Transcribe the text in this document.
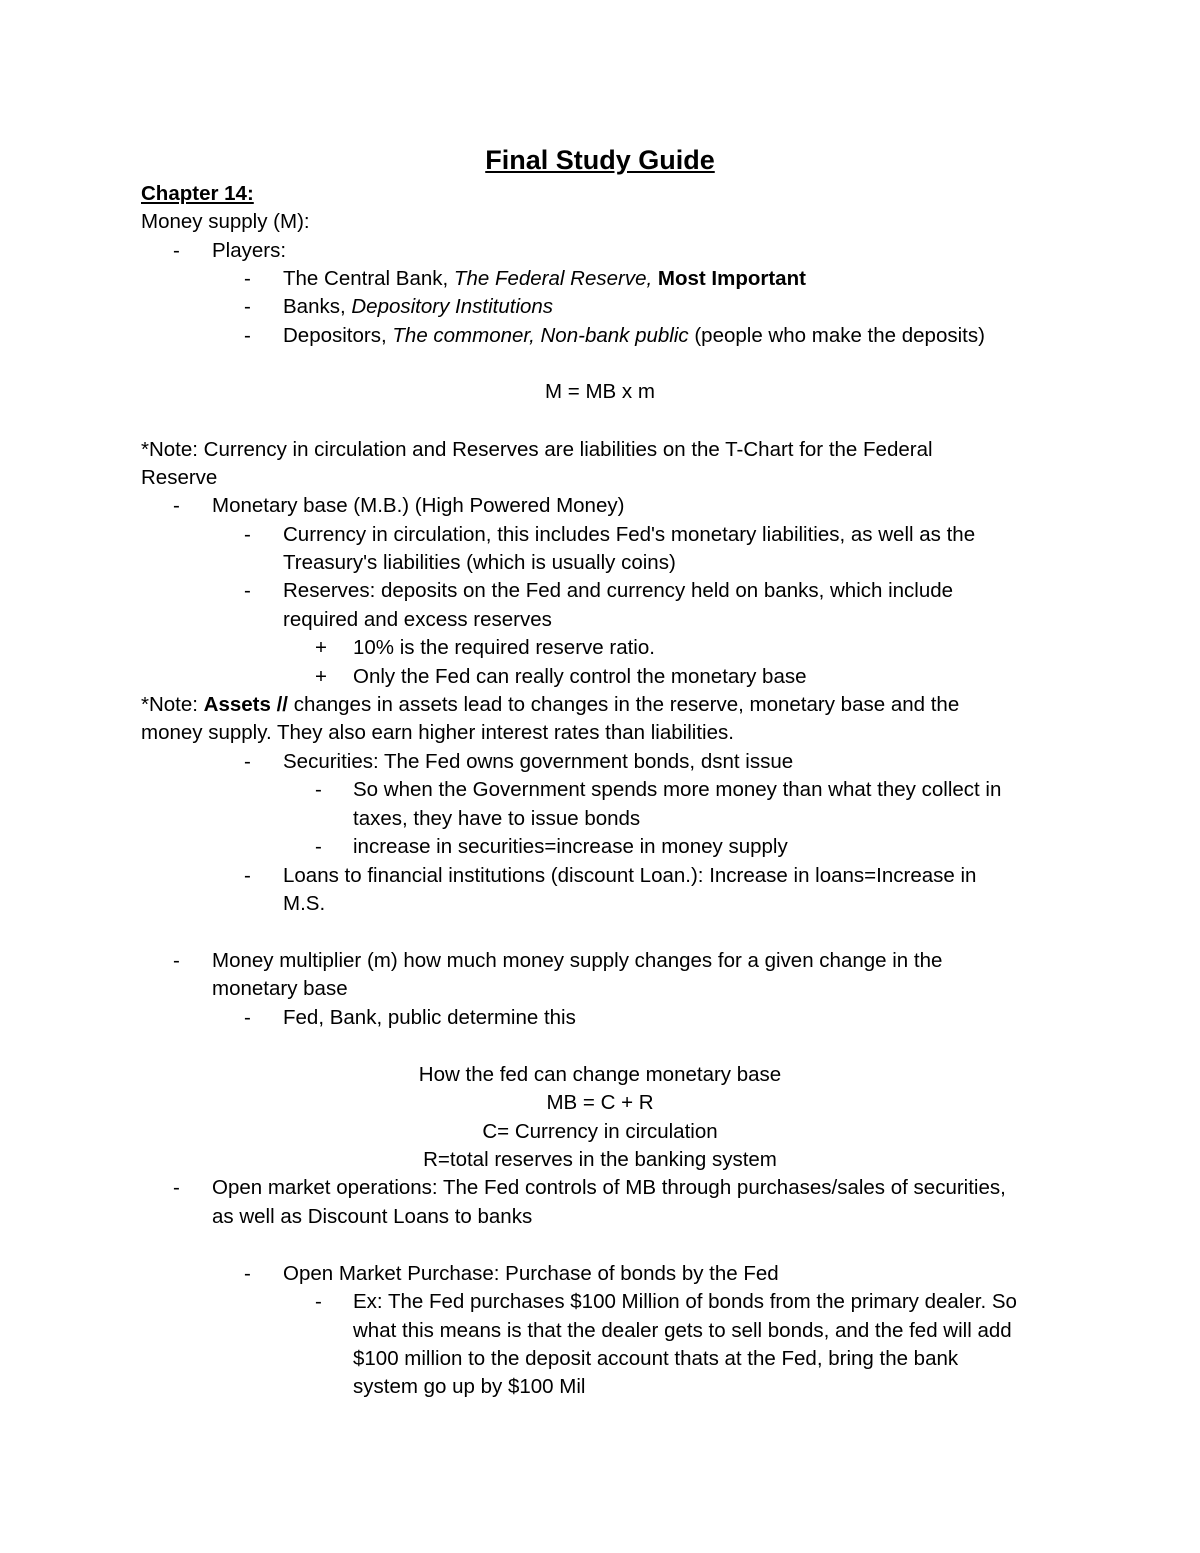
Final Study Guide
Chapter 14:
Money supply (M):
-	Players:
-	The Central Bank, The Federal Reserve, Most Important
-	Banks, Depository Institutions
-	Depositors, The commoner, Non-bank public (people who make the deposits)
M = MB x m
*Note: Currency in circulation and Reserves are liabilities on the T-Chart for the Federal
Reserve
-	Monetary base (M.B.) (High Powered Money)
-	Currency in circulation, this includes Fed's monetary liabilities, as well as the
Treasury's liabilities (which is usually coins)
-	Reserves: deposits on the Fed and currency held on banks, which include
required and excess reserves
+ 10% is the required reserve ratio.
+ Only the Fed can really control the monetary base
*Note: Assets // changes in assets lead to changes in the reserve, monetary base and the
money supply. They also earn higher interest rates than liabilities.
-	Securities: The Fed owns government bonds, dsnt issue
-	So when the Government spends more money than what they collect in
taxes, they have to issue bonds
-	increase in securities=increase in money supply
-	Loans to financial institutions (discount Loan.): Increase in loans=Increase in
M.S.
-	Money multiplier (m) how much money supply changes for a given change in the
monetary base
-	Fed, Bank, public determine this
How the fed can change monetary base
MB = C + R
C= Currency in circulation
R=total reserves in the banking system
-	Open market operations: The Fed controls of MB through purchases/sales of securities,
as well as Discount Loans to banks
-	Open Market Purchase: Purchase of bonds by the Fed
-	Ex: The Fed purchases $100 Million of bonds from the primary dealer. So
what this means is that the dealer gets to sell bonds, and the fed will add
$100 million to the deposit account thats at the Fed, bring the bank
system go up by $100 Mil
